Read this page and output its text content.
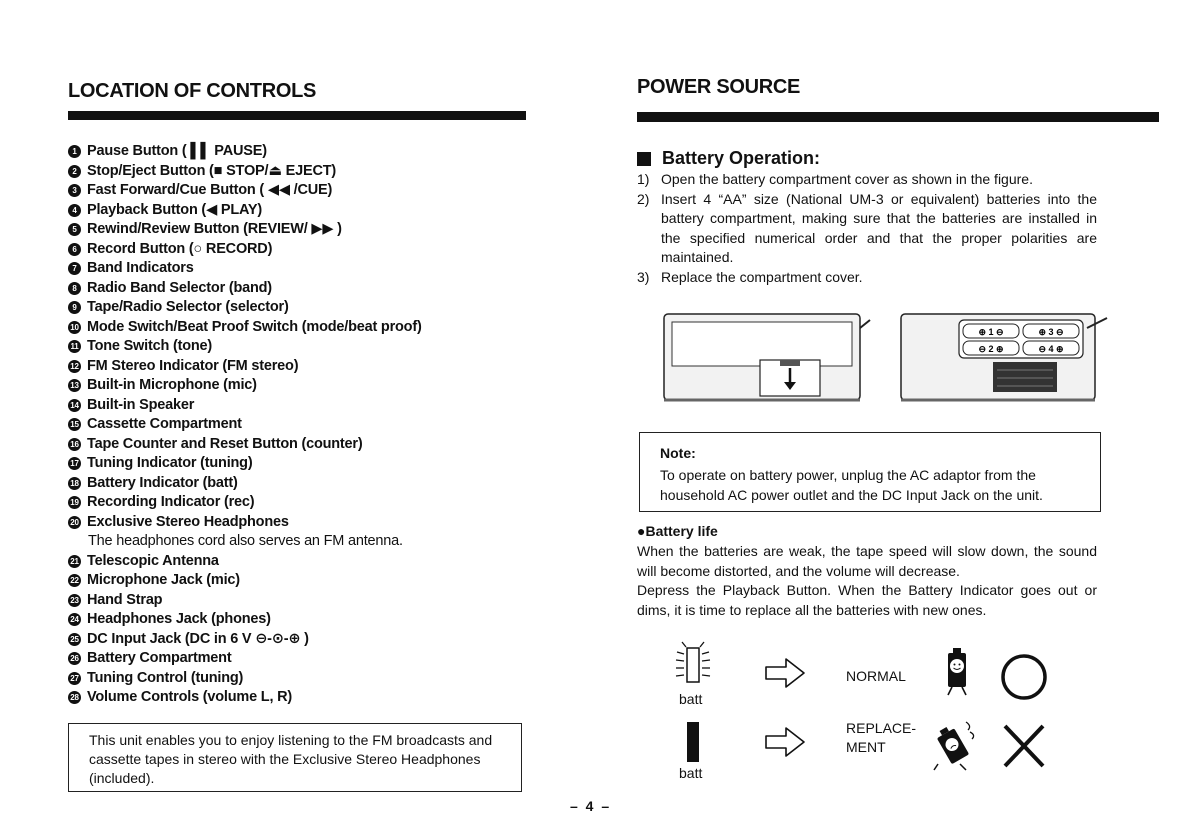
LOCATION OF CONTROLS
1 Pause Button ( ▌▌ PAUSE)
2 Stop/Eject Button (■ STOP/⏏ EJECT)
3 Fast Forward/Cue Button ( ◀◀ /CUE)
4 Playback Button (◀ PLAY)
5 Rewind/Review Button (REVIEW/ ▶▶ )
6 Record Button (○ RECORD)
7 Band Indicators
8 Radio Band Selector (band)
9 Tape/Radio Selector (selector)
10 Mode Switch/Beat Proof Switch (mode/beat proof)
11 Tone Switch (tone)
12 FM Stereo Indicator (FM stereo)
13 Built-in Microphone (mic)
14 Built-in Speaker
15 Cassette Compartment
16 Tape Counter and Reset Button (counter)
17 Tuning Indicator (tuning)
18 Battery Indicator (batt)
19 Recording Indicator (rec)
20 Exclusive Stereo Headphones
The headphones cord also serves an FM antenna.
21 Telescopic Antenna
22 Microphone Jack (mic)
23 Hand Strap
24 Headphones Jack (phones)
25 DC Input Jack (DC in 6 V ⊖-⊙-⊕ )
26 Battery Compartment
27 Tuning Control (tuning)
28 Volume Controls (volume L, R)

This unit enables you to enjoy listening to the FM broadcasts and cassette tapes in stereo with the Exclusive Stereo Headphones (included).

POWER SOURCE
Battery Operation:
1) Open the battery compartment cover as shown in the figure.
2) Insert 4 “AA” size (National UM-3 or equivalent) batteries into the battery compartment, making sure that the batteries are installed in the specified numerical order and that the proper polarities are maintained.
3) Replace the compartment cover.
⊕ 1 ⊖	⊕ 3 ⊖
⊖ 2 ⊕	⊖ 4 ⊕
Note:
To operate on battery power, unplug the AC adaptor from the household AC power outlet and the DC Input Jack on the unit.
●Battery life

When the batteries are weak, the tape speed will slow down, the sound will become distorted, and the volume will decrease.

Depress the Playback Button. When the Battery Indicator goes out or dims, it is time to replace all the batteries with new ones.

batt
NORMAL
batt
REPLACE-
MENT
– 4 –
